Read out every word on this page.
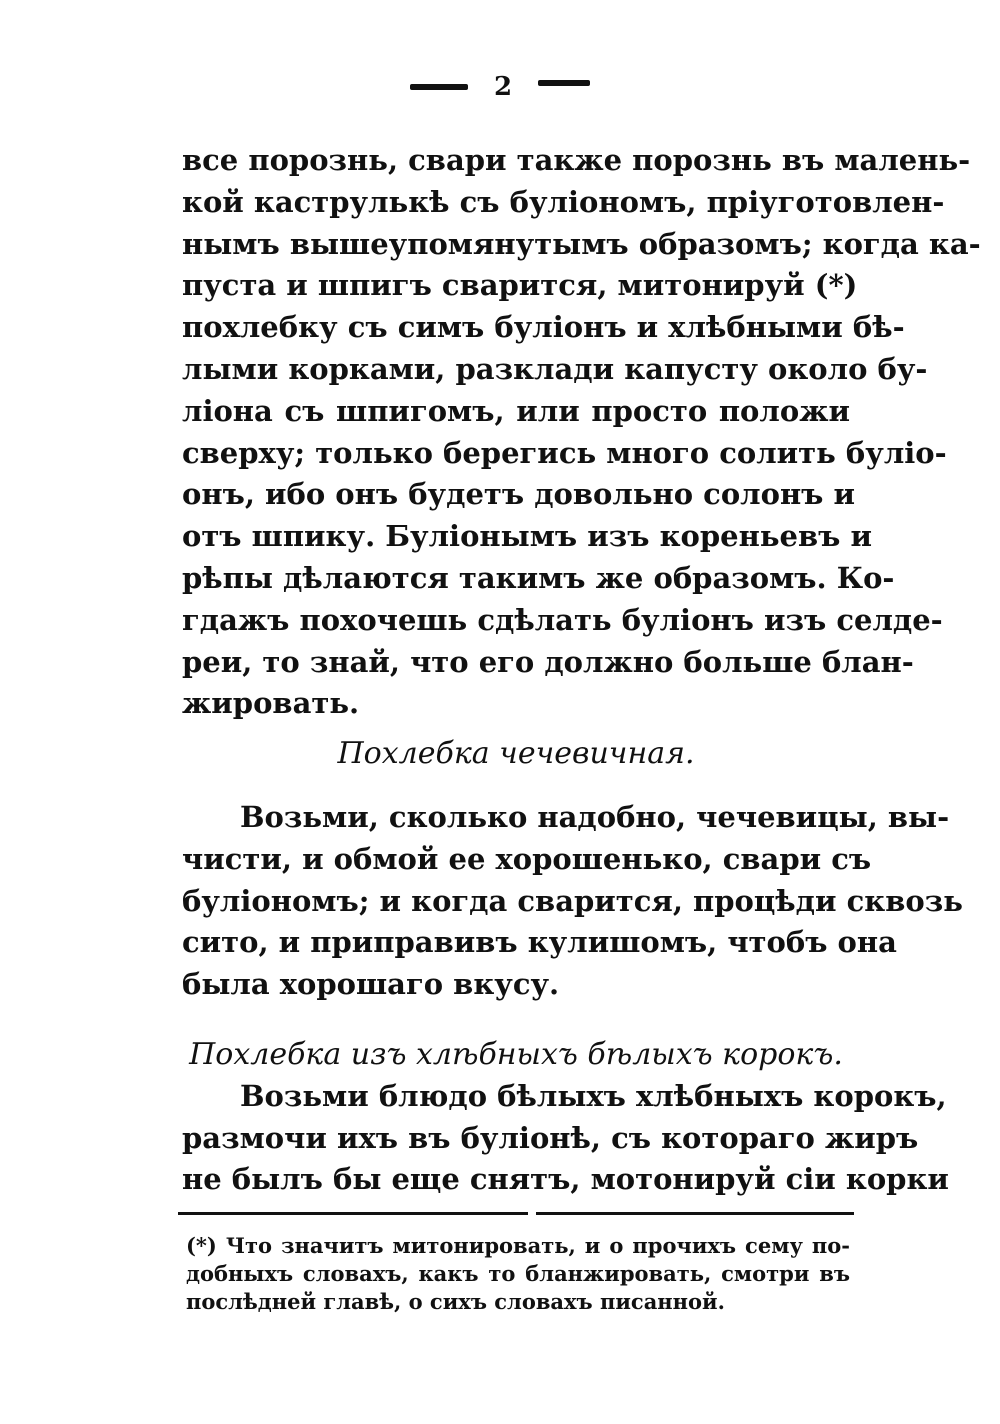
2
все порознь, свари также порознь въ малень-
кой каструлькѣ съ буліономъ, пріуготовлен-
нымъ вышеупомянутымъ образомъ; когда ка-
пуста и шпигъ сварится, митонируй (*)
похлебку съ симъ буліонъ и хлѣбными бѣ-
лыми корками, разклади капусту около бу-
ліона съ шпигомъ, или просто положи
сверху; только берегись много солить буліо-
онъ, ибо онъ будетъ довольно солонъ и
отъ шпику. Буліонымъ изъ кореньевъ и
рѣпы дѣлаются такимъ же образомъ. Ко-
гдажъ похочешь сдѣлать буліонъ изъ селде-
реи, то знай, что его должно больше блан-
жировать.
Похлебка чечевичная.
Возьми, сколько надобно, чечевицы, вы-
чисти, и обмой ее хорошенько, свари съ
буліономъ; и когда сварится, процѣди сквозь
сито, и приправивъ кулишомъ, чтобъ она
была хорошаго вкусу.
Похлебка изъ хлѣбныхъ бѣлыхъ корокъ.
Возьми блюдо бѣлыхъ хлѣбныхъ корокъ,
размочи ихъ въ буліонѣ, съ котораго жиръ
не былъ бы еще снятъ, мотонируй сіи корки
(*) Что значитъ митонировать, и о прочихъ сему по-
добныхъ словахъ, какъ то бланжировать, смотри въ
послѣдней главѣ, о сихъ словахъ писанной.
